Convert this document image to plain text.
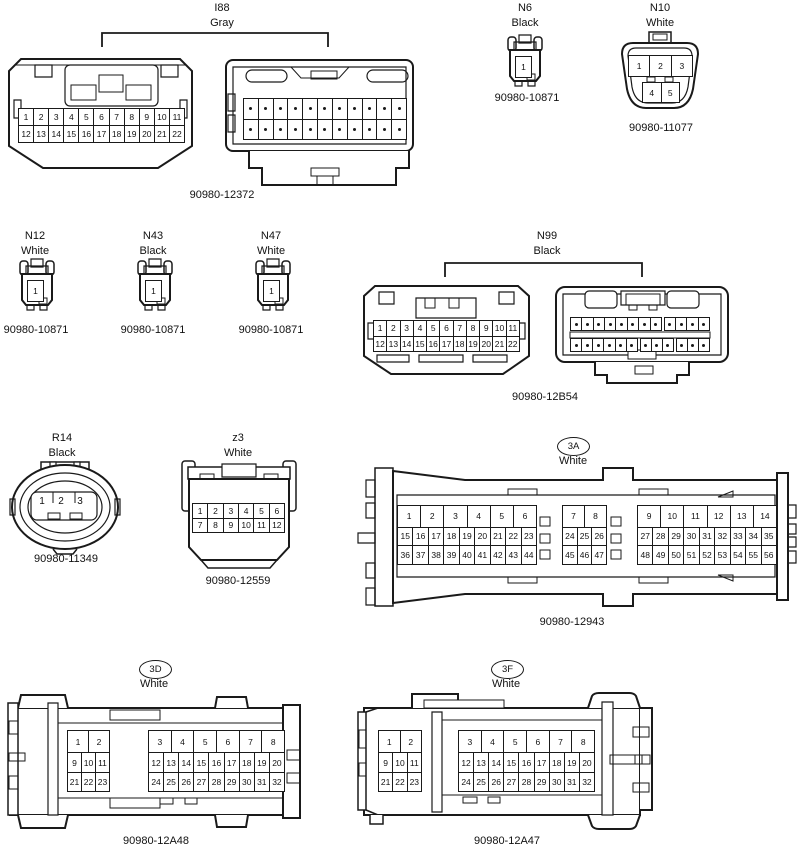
I88
Gray
1	2	3	4	5	6	7	8	9 10 11
12 13 14 15 16 17 18 19 20 21 22
90980-12372
N6
Black
1
90980-10871
N10
White
1	2	3
4	5
90980-11077
N12
White
1
90980-10871
N43
Black
1
90980-10871
N47
White
1
90980-10871
N99
Black
1	2	3	4	5	6	7	8	9 10 11
12 13 14 15 16 17 18 19 20 21 22
90980-12B54
R14
Black
1	2	3
90980-11349
z3
White
1	2	3	4	5	6
7	8	9 10 11 12
90980-12559
3A
White
1	2	3	4	5	6
15 16 17 18 19 20 21 22 23
36 37 38 39 40 41 42 43 44
7	8
24 25 26
45 46 47
9	10	11	12	13	14
27 28 29 30 31 32 33 34 35
48 49 50 51 52 53 54 55 56
90980-12943
3D
White
1	2
9 10 11
21 22 23
3	4	5	6	7	8
12 13 14 15 16 17 18 19 20
24 25 26 27 28 29 30 31 32
90980-12A48
3F
White
1	2
9 10 11
21 22 23
3	4	5	6	7	8
12 13 14 15 16 17 18 19 20
24 25 26 27 28 29 30 31 32
90980-12A47
